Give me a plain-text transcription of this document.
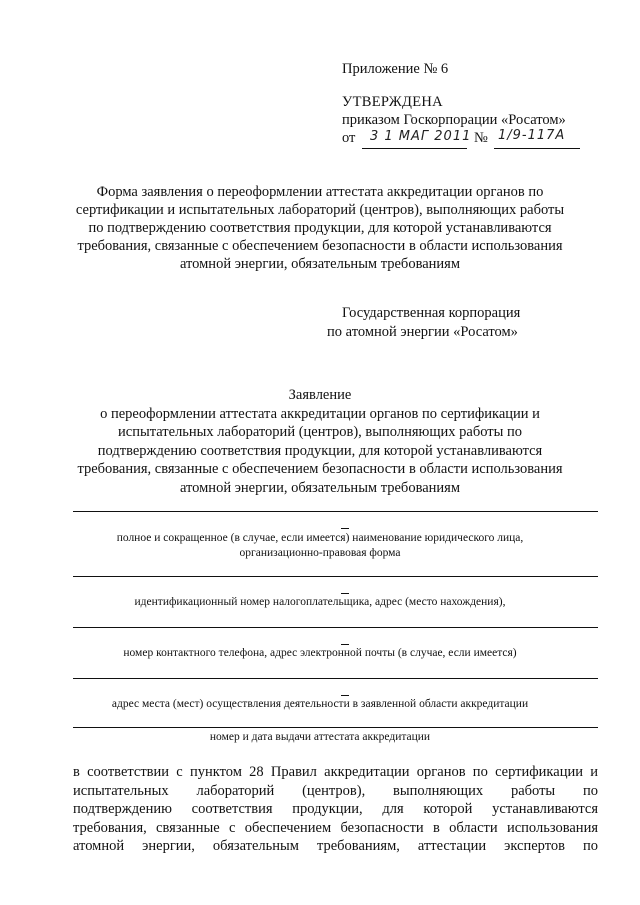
Приложение № 6
УТВЕРЖДЕНА
приказом Госкорпорации «Росатом»
от 3 1 МАГ 2011 № 1/9-117А
Форма заявления о переоформлении аттестата аккредитации органов по
сертификации и испытательных лабораторий (центров), выполняющих работы
по подтверждению соответствия продукции, для которой устанавливаются
требования, связанные с обеспечением безопасности в области использования
атомной энергии, обязательным требованиям
Государственная корпорация
по атомной энергии «Росатом»
Заявление
о переоформлении аттестата аккредитации органов по сертификации и
испытательных лабораторий (центров), выполняющих работы по
подтверждению соответствия продукции, для которой устанавливаются
требования, связанные с обеспечением безопасности в области использования
атомной энергии, обязательным требованиям
полное и сокращенное (в случае, если имеется) наименование юридического лица,
организационно-правовая форма
идентификационный номер налогоплательщика, адрес (место нахождения),
номер контактного телефона, адрес электронной почты (в случае, если имеется)
адрес места (мест) осуществления деятельности в заявленной области аккредитации
номер и дата выдачи аттестата аккредитации
в соответствии с пунктом 28 Правил аккредитации органов по сертификации и
испытательных лабораторий (центров), выполняющих работы по
подтверждению соответствия продукции, для которой устанавливаются
требования, связанные с обеспечением безопасности в области использования
атомной энергии, обязательным требованиям, аттестации экспертов по
